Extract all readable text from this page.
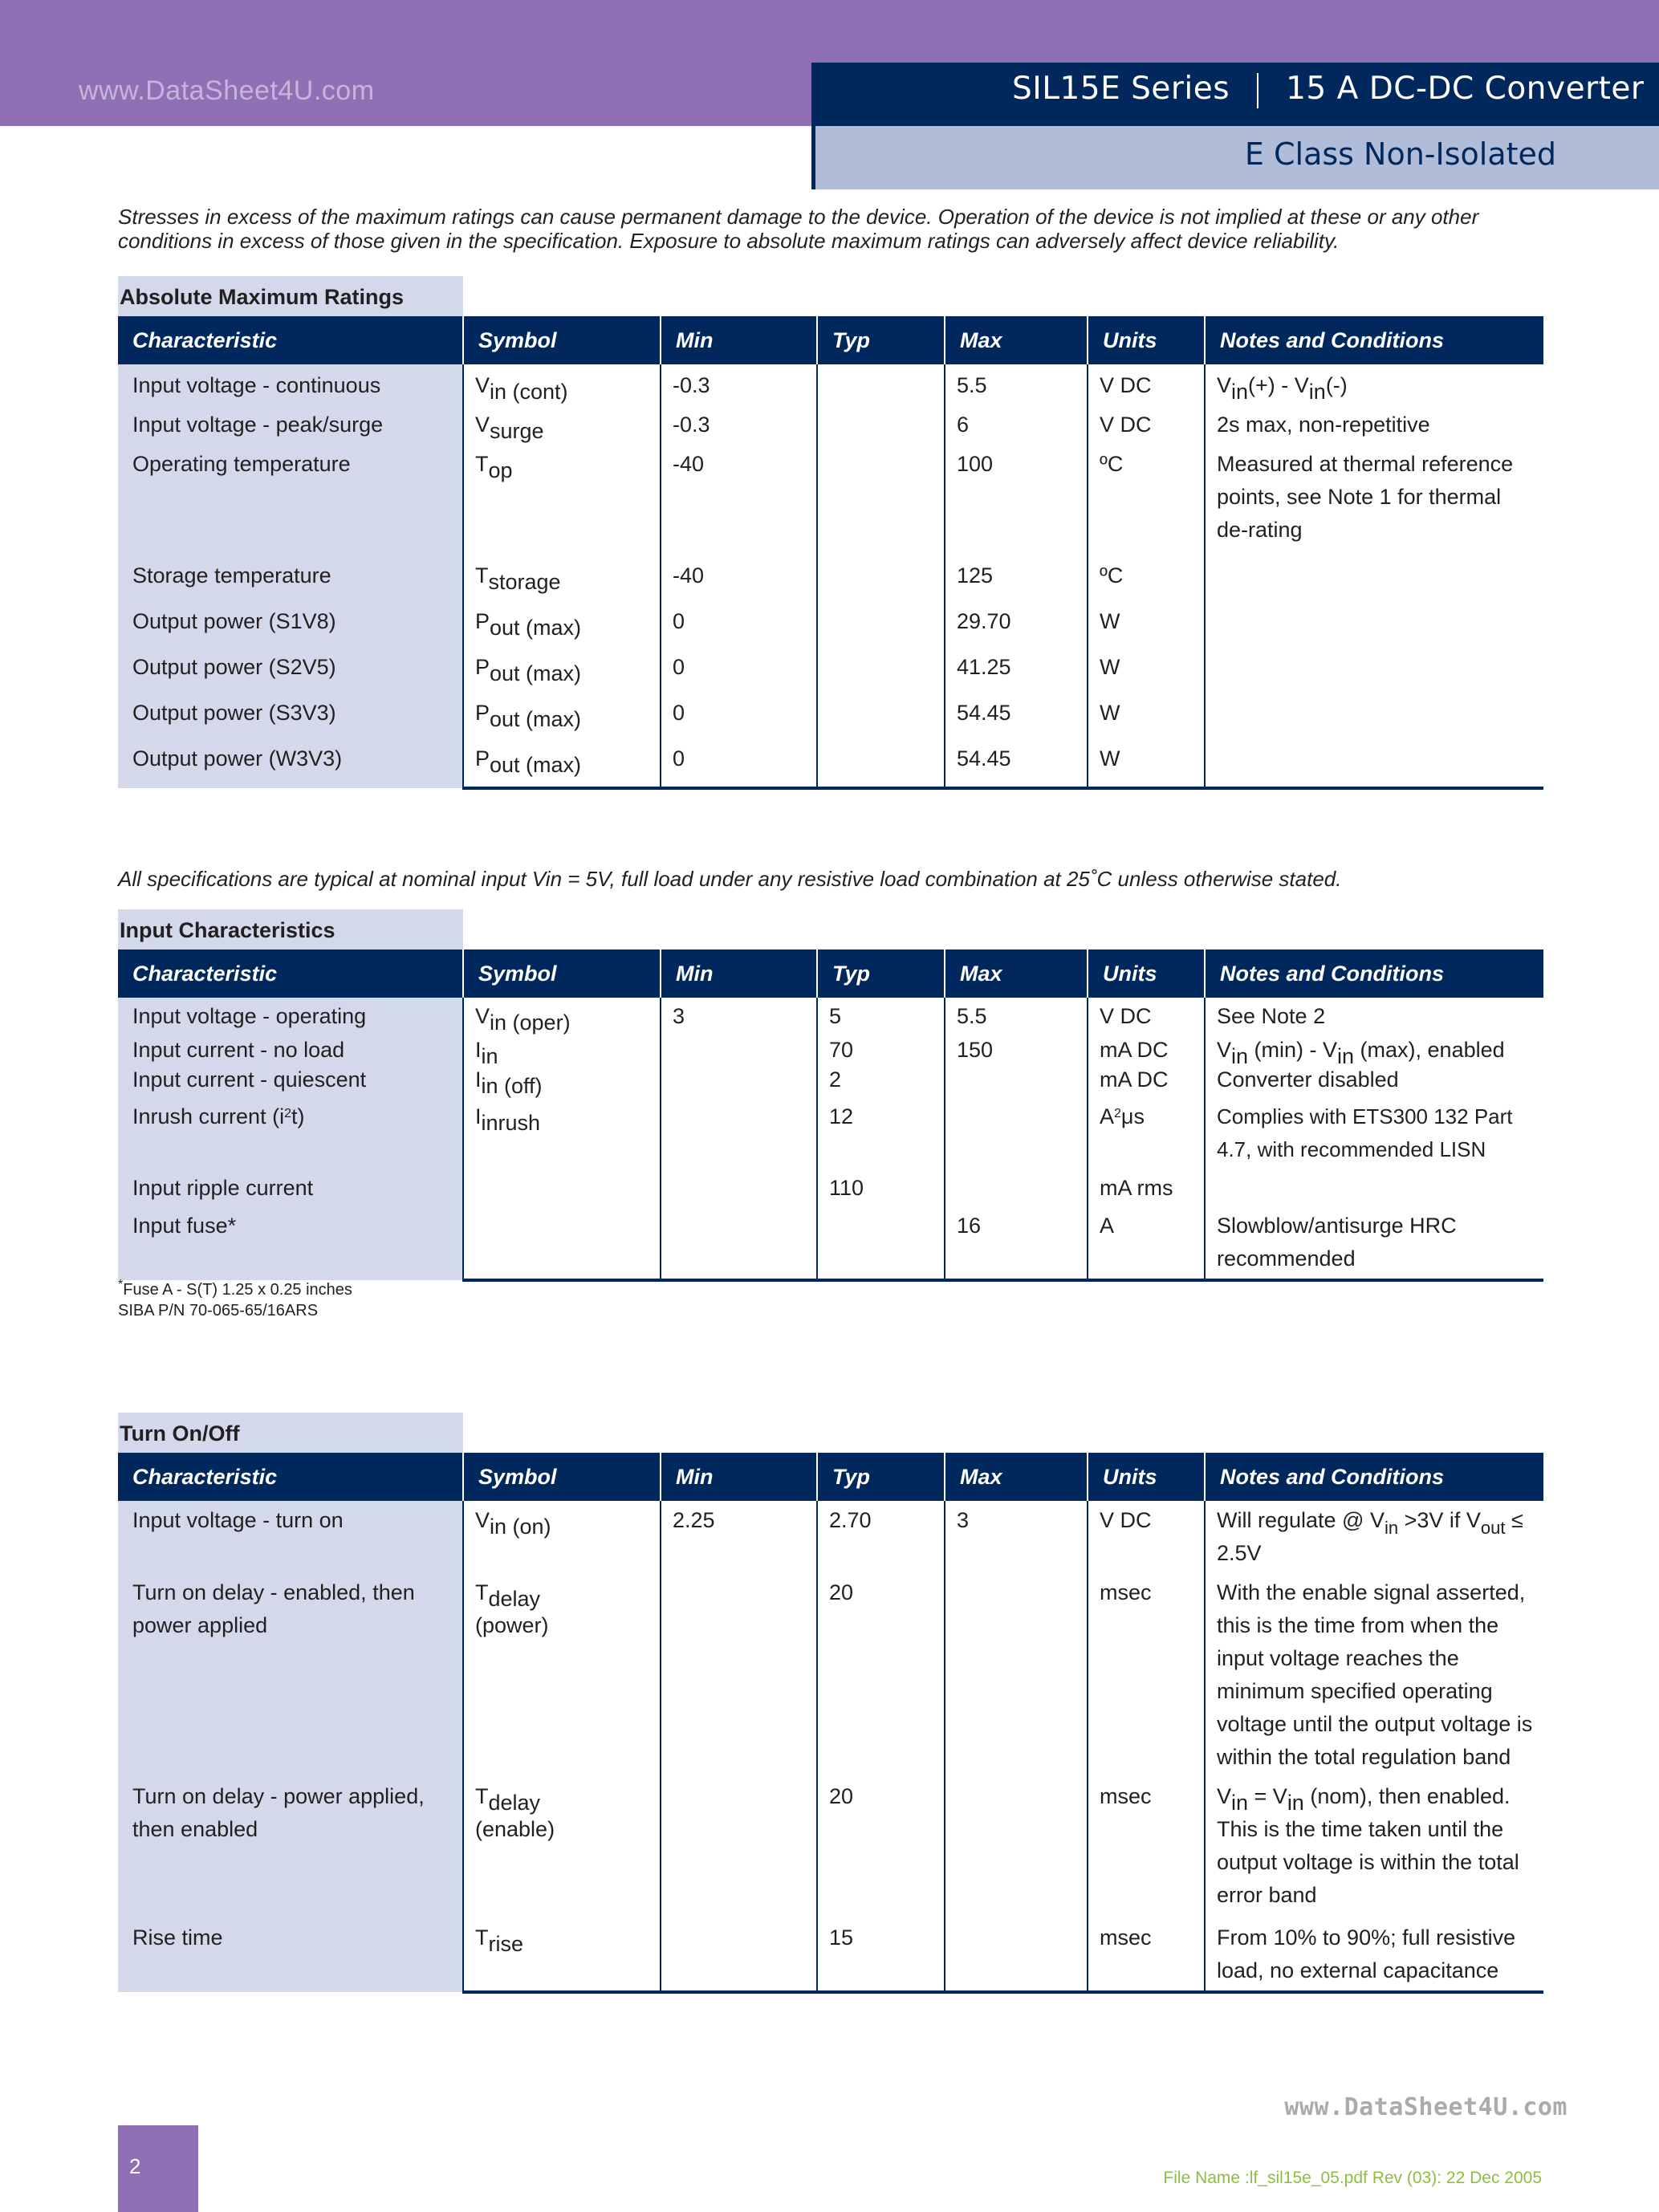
www.DataSheet4U.com	SIL15E Series 15 A DC-DC Converter
E Class Non-Isolated
Stresses in excess of the maximum ratings can cause permanent damage to the device. Operation of the device is not implied at these or any other conditions in excess of those given in the specification. Exposure to absolute maximum ratings can adversely affect device reliability.
Absolute Maximum Ratings
Characteristic	Symbol	Min	Typ	Max	Units	Notes and Conditions
Input voltage - continuous	$V_{in (cont)}$	-0.3		5.5	V DC	$V_{in}(+) - V_{in}(-)$
Input voltage - peak/surge	$V_{surge}$	-0.3		6	V DC	2s max, non-repetitive
Operating temperature	$T_{op}$	-40		100	ºC	Measured at thermal reference points, see Note 1 for thermal de-rating
Storage temperature	$T_{storage}$	-40		125	ºC	
Output power (S1V8)	$P_{out (max)}$	0		29.70	W	
Output power (S2V5)	$P_{out (max)}$	0		41.25	W	
Output power (S3V3)	$P_{out (max)}$	0		54.45	W	
Output power (W3V3)	$P_{out (max)}$	0		54.45	W	
All specifications are typical at nominal input Vin = 5V, full load under any resistive load combination at 25˚C unless otherwise stated.
Input Characteristics
Characteristic	Symbol	Min	Typ	Max	Units	Notes and Conditions
Input voltage - operating	$V_{in (oper)}$	3	5	5.5	V DC	See Note 2
Input current - no load	$I_{in}$		70	150	mA DC	$V_{in}$ $(\min) - V_{in}$ (max), enabled
Input current - quiescent	$I_{in (off)}$		2		mA DC	Converter disabled
Inrush current $(i^2t)$	$I_{inrush}$		12		$A^2\mu s$	Complies with ETS300 132 Part 4.7, with recommended LISN
Input ripple current			110		mA rms	
Input fuse*				16	A	Slowblow/antisurge HRC recommended
*Fuse A - S(T) 1.25 x 0.25 inches
SIBA P/N 70-065-65/16ARS
Turn On/Off
Characteristic	Symbol	Min	Typ	Max	Units	Notes and Conditions
Input voltage - turn on	$V_{in (on)}$	2.25	2.70	3	V DC	Will regulate @ $V_{in} >3V$ if $V_{out} \le 2.5V$
Turn on delay - enabled, then power applied	$T_{delay}$
(power)		20		msec	With the enable signal asserted, this is the time from when the input voltage reaches the minimum specified operating voltage until the output voltage is within the total regulation band
Turn on delay - power applied, then enabled	$T_{delay}$
(enable)		20		msec	$V_{in} = V_{in}$ (nom), then enabled. This is the time taken until the output voltage is within the total error band
Rise time	$T_{rise}$		15		msec	From 10% to 90%; full resistive load, no external capacitance
www.DataSheet4U.com
2	File Name :lf_sil15e_05.pdf Rev (03): 22 Dec 2005
